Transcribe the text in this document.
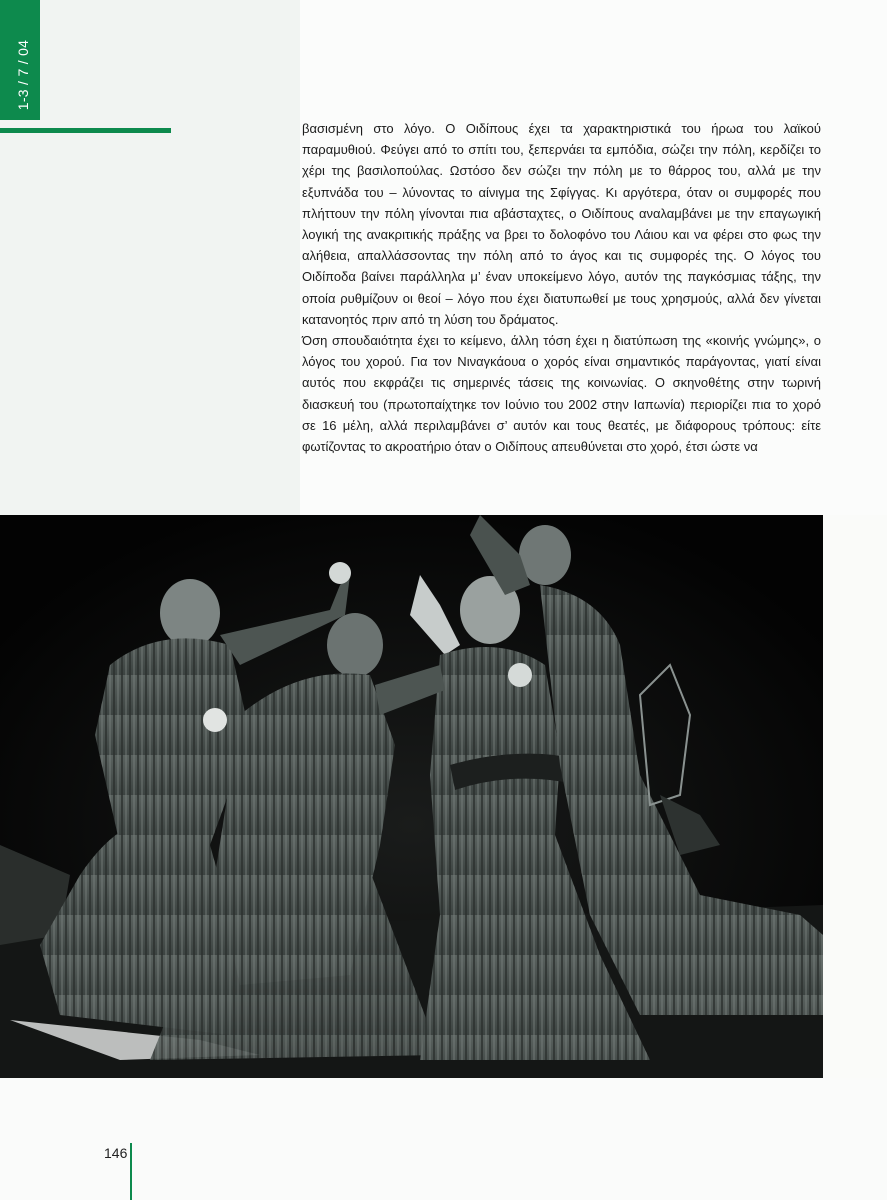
1-3 / 7 / 04

βασισμένη στο λόγο. Ο Οιδίπους έχει τα χαρακτηριστικά του ήρωα του λαϊκού παραμυθιού. Φεύγει από το σπίτι του, ξεπερνάει τα εμπόδια, σώζει την πόλη, κερδίζει το χέρι της βασιλοπούλας. Ωστόσο δεν σώζει την πόλη με το θάρρος του, αλλά με την εξυπνάδα του – λύνοντας το αίνιγμα της Σφίγγας. Κι αργότερα, όταν οι συμφορές που πλήττουν την πόλη γίνονται πια αβάσταχτες, ο Οιδίπους αναλαμβάνει με την επαγωγική λογική της ανακριτικής πράξης να βρει το δολοφόνο του Λάιου και να φέρει στο φως την αλήθεια, απαλλάσσοντας την πόλη από το άγος και τις συμφορές της. Ο λόγος του Οιδίποδα βαίνει παράλληλα μ’ έναν υποκείμενο λόγο, αυτόν της παγκόσμιας τάξης, την οποία ρυθμίζουν οι θεοί – λόγο που έχει διατυπωθεί με τους χρησμούς, αλλά δεν γίνεται κατανοητός πριν από τη λύση του δράματος.

Όση σπουδαιότητα έχει το κείμενο, άλλη τόση έχει η διατύπωση της «κοινής γνώμης», ο λόγος του χορού. Για τον Νιναγκάουα ο χορός είναι σημαντικός παράγοντας, γιατί είναι αυτός που εκφράζει τις σημερινές τάσεις της κοινωνίας. Ο σκηνοθέτης στην τωρινή διασκευή του (πρωτοπαίχτηκε τον Ιούνιο του 2002 στην Ιαπωνία) περιορίζει πια το χορό σε 16 μέλη, αλλά περιλαμβάνει σ’ αυτόν και τους θεατές, με διάφορους τρόπους: είτε φωτίζοντας το ακροατήριο όταν ο Οιδίπους απευθύνεται στο χορό, έτσι ώστε να

146
